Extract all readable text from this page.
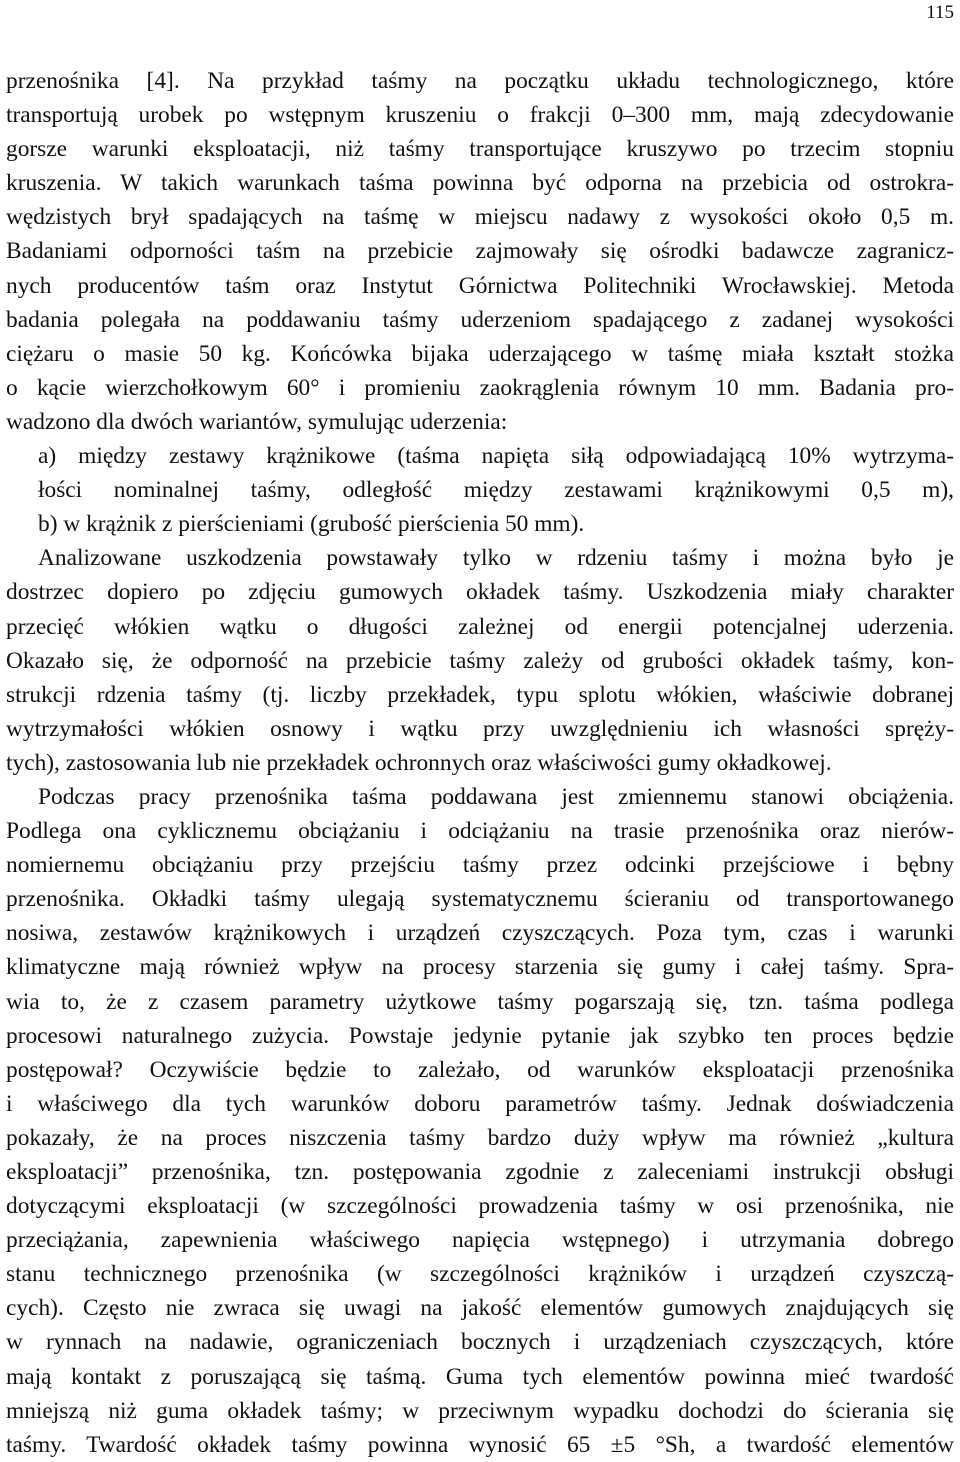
115
przenośnika [4]. Na przykład taśmy na początku układu technologicznego, które
transportują urobek po wstępnym kruszeniu o frakcji 0–300 mm, mają zdecydowanie
gorsze warunki eksploatacji, niż taśmy transportujące kruszywo po trzecim stopniu
kruszenia. W takich warunkach taśma powinna być odporna na przebicia od ostrokra-
wędzistych brył spadających na taśmę w miejscu nadawy z wysokości około 0,5 m.
Badaniami odporności taśm na przebicie zajmowały się ośrodki badawcze zagranicz-
nych producentów taśm oraz Instytut Górnictwa Politechniki Wrocławskiej. Metoda
badania polegała na poddawaniu taśmy uderzeniom spadającego z zadanej wysokości
ciężaru o masie 50 kg. Końcówka bijaka uderzającego w taśmę miała kształt stożka
o kącie wierzchołkowym 60° i promieniu zaokrąglenia równym 10 mm. Badania pro-
wadzono dla dwóch wariantów, symulując uderzenia:
a) między zestawy krążnikowe (taśma napięta siłą odpowiadającą 10% wytrzyma-
łości nominalnej taśmy, odległość między zestawami krążnikowymi 0,5 m),
b) w krążnik z pierścieniami (grubość pierścienia 50 mm).
Analizowane uszkodzenia powstawały tylko w rdzeniu taśmy i można było je
dostrzec dopiero po zdjęciu gumowych okładek taśmy. Uszkodzenia miały charakter
przecięć włókien wątku o długości zależnej od energii potencjalnej uderzenia.
Okazało się, że odporność na przebicie taśmy zależy od grubości okładek taśmy, kon-
strukcji rdzenia taśmy (tj. liczby przekładek, typu splotu włókien, właściwie dobranej
wytrzymałości włókien osnowy i wątku przy uwzględnieniu ich własności spręży-
tych), zastosowania lub nie przekładek ochronnych oraz właściwości gumy okładkowej.
Podczas pracy przenośnika taśma poddawana jest zmiennemu stanowi obciążenia.
Podlega ona cyklicznemu obciążaniu i odciążaniu na trasie przenośnika oraz nierów-
nomiernemu obciążaniu przy przejściu taśmy przez odcinki przejściowe i bębny
przenośnika. Okładki taśmy ulegają systematycznemu ścieraniu od transportowanego
nosiwa, zestawów krążnikowych i urządzeń czyszczących. Poza tym, czas i warunki
klimatyczne mają również wpływ na procesy starzenia się gumy i całej taśmy. Spra-
wia to, że z czasem parametry użytkowe taśmy pogarszają się, tzn. taśma podlega
procesowi naturalnego zużycia. Powstaje jedynie pytanie jak szybko ten proces będzie
postępował? Oczywiście będzie to zależało, od warunków eksploatacji przenośnika
i właściwego dla tych warunków doboru parametrów taśmy. Jednak doświadczenia
pokazały, że na proces niszczenia taśmy bardzo duży wpływ ma również „kultura
eksploatacji” przenośnika, tzn. postępowania zgodnie z zaleceniami instrukcji obsługi
dotyczącymi eksploatacji (w szczególności prowadzenia taśmy w osi przenośnika, nie
przeciążania, zapewnienia właściwego napięcia wstępnego) i utrzymania dobrego
stanu technicznego przenośnika (w szczególności krążników i urządzeń czyszczą-
cych). Często nie zwraca się uwagi na jakość elementów gumowych znajdujących się
w rynnach na nadawie, ograniczeniach bocznych i urządzeniach czyszczących, które
mają kontakt z poruszającą się taśmą. Guma tych elementów powinna mieć twardość
mniejszą niż guma okładek taśmy; w przeciwnym wypadku dochodzi do ścierania się
taśmy. Twardość okładek taśmy powinna wynosić 65 ±5 °Sh, a twardość elementów
